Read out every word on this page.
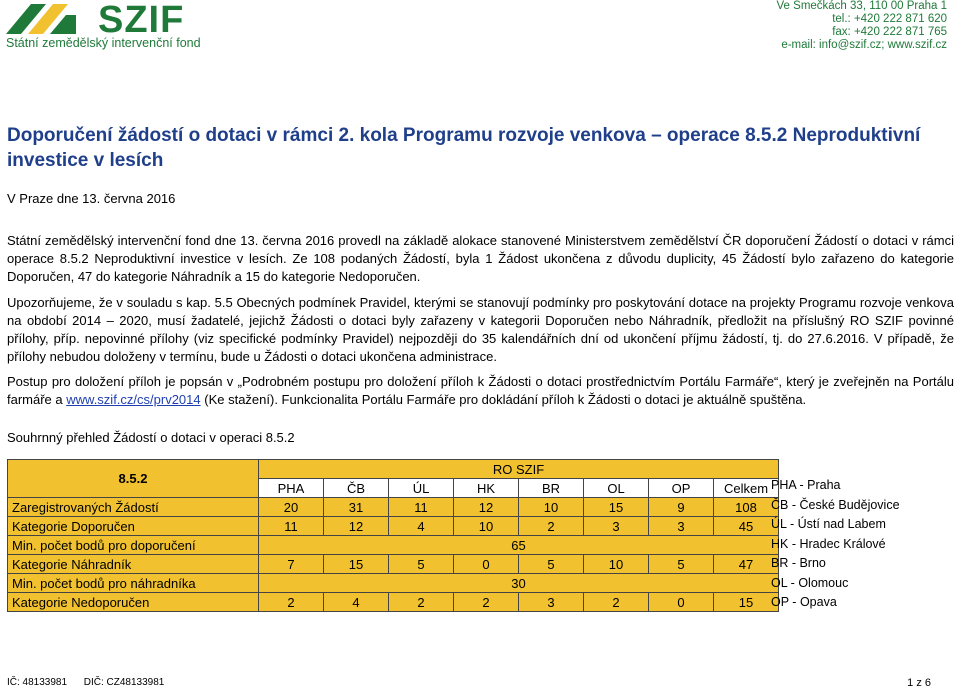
SZIF
Státní zemědělský intervenční fond
Ve Smečkách 33, 110 00 Praha 1
tel.: +420 222 871 620
fax: +420 222 871 765
e-mail: info@szif.cz; www.szif.cz
Doporučení žádostí o dotaci v rámci 2. kola Programu rozvoje venkova – operace 8.5.2 Neproduktivní investice v lesích
V Praze dne 13. června 2016
Státní zemědělský intervenční fond dne 13. června 2016 provedl na základě alokace stanovené Ministerstvem zemědělství ČR doporučení Žádostí o dotaci v rámci operace 8.5.2 Neproduktivní investice v lesích. Ze 108 podaných Žádostí, byla 1 Žádost ukončena z důvodu duplicity, 45 Žádostí bylo zařazeno do kategorie Doporučen, 47 do kategorie Náhradník a 15 do kategorie Nedoporučen.
Upozorňujeme, že v souladu s kap. 5.5 Obecných podmínek Pravidel, kterými se stanovují podmínky pro poskytování dotace na projekty Programu rozvoje venkova na období 2014 – 2020, musí žadatelé, jejichž Žádosti o dotaci byly zařazeny v kategorii Doporučen nebo Náhradník, předložit na příslušný RO SZIF povinné přílohy, příp. nepovinné přílohy (viz specifické podmínky Pravidel) nejpozději do 35 kalendářních dní od ukončení příjmu žádostí, tj. do 27.6.2016. V případě, že přílohy nebudou doloženy v termínu, bude u Žádosti o dotaci ukončena administrace.
Postup pro doložení příloh je popsán v „Podrobném postupu pro doložení příloh k Žádosti o dotaci prostřednictvím Portálu Farmáře“, který je zveřejněn na Portálu farmáře a www.szif.cz/cs/prv2014 (Ke stažení). Funkcionalita Portálu Farmáře pro dokládání příloh k Žádosti o dotaci je aktuálně spuštěna.
Souhrnný přehled Žádostí o dotaci v operaci 8.5.2
8.5.2	RO SZIF							
	PHA	ČB	ÚL	HK	BR	OL	OP	Celkem
Zaregistrovaných Žádostí	20	31	11	12	10	15	9	108
Kategorie Doporučen	11	12	4	10	2	3	3	45
Min. počet bodů pro doporučení	65							
Kategorie Náhradník	7	15	5	0	5	10	5	47
Min. počet bodů pro náhradníka	30							
Kategorie Nedoporučen	2	4	2	2	3	2	0	15
PHA - Praha
ČB - České Budějovice
ÚL - Ústí nad Labem
HK - Hradec Králové
BR - Brno
OL - Olomouc
OP - Opava
IČ: 48133981 DIČ: CZ48133981	1 z 6
